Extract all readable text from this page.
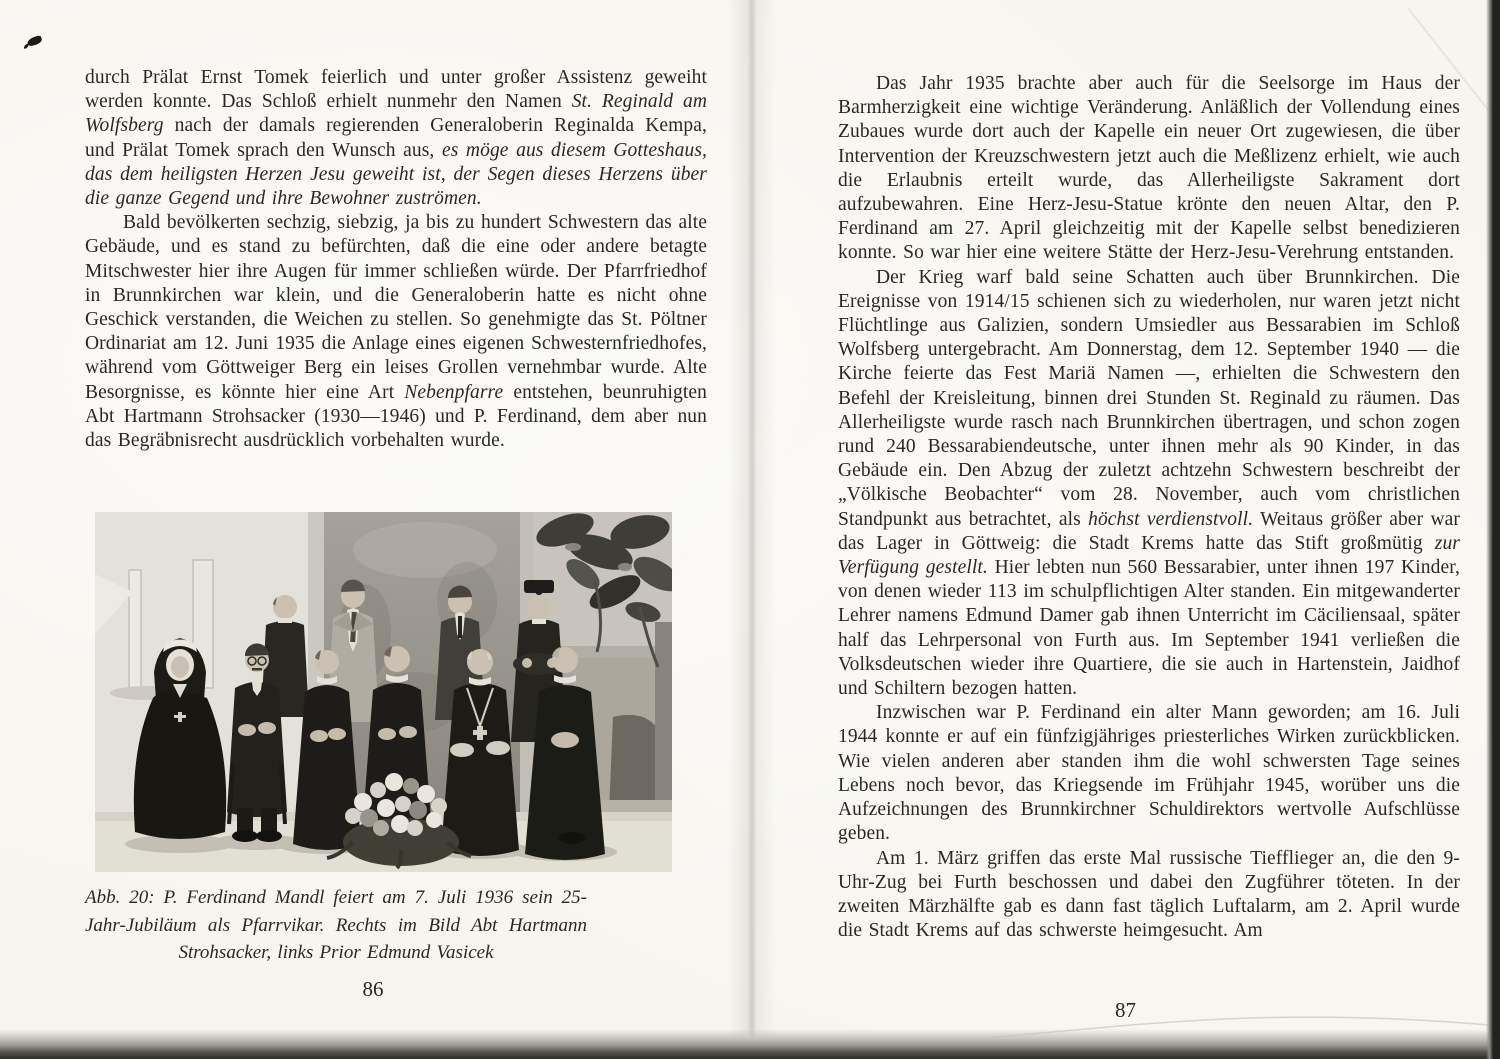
durch Prälat Ernst Tomek feierlich und unter großer Assistenz geweiht werden konnte. Das Schloß erhielt nunmehr den Namen St. Reginald am Wolfsberg nach der damals regierenden Generaloberin Reginalda Kempa, und Prälat Tomek sprach den Wunsch aus, es möge aus diesem Gotteshaus, das dem heiligsten Herzen Jesu geweiht ist, der Segen dieses Herzens über die ganze Gegend und ihre Bewohner zuströmen.

Bald bevölkerten sechzig, siebzig, ja bis zu hundert Schwestern das alte Gebäude, und es stand zu befürchten, daß die eine oder andere betagte Mitschwester hier ihre Augen für immer schließen würde. Der Pfarrfriedhof in Brunnkirchen war klein, und die Generaloberin hatte es nicht ohne Geschick verstanden, die Weichen zu stellen. So genehmigte das St. Pöltner Ordinariat am 12. Juni 1935 die Anlage eines eigenen Schwesternfriedhofes, während vom Göttweiger Berg ein leises Grollen vernehmbar wurde. Alte Besorgnisse, es könnte hier eine Art Nebenpfarre entstehen, beunruhigten Abt Hartmann Strohsacker (1930—1946) und P. Ferdinand, dem aber nun das Begräbnisrecht ausdrücklich vorbehalten wurde.

Abb. 20: P. Ferdinand Mandl feiert am 7. Juli 1936 sein 25-Jahr-Jubiläum als Pfarrvikar. Rechts im Bild Abt Hartmann Strohsacker, links Prior Edmund Vasicek
86

Das Jahr 1935 brachte aber auch für die Seelsorge im Haus der Barmherzigkeit eine wichtige Veränderung. Anläßlich der Vollendung eines Zubaues wurde dort auch der Kapelle ein neuer Ort zugewiesen, die über Intervention der Kreuzschwestern jetzt auch die Meßlizenz erhielt, wie auch die Erlaubnis erteilt wurde, das Allerheiligste Sakrament dort aufzubewahren. Eine Herz-Jesu-Statue krönte den neuen Altar, den P. Ferdinand am 27. April gleichzeitig mit der Kapelle selbst benedizieren konnte. So war hier eine weitere Stätte der Herz-Jesu-Verehrung entstanden.

Der Krieg warf bald seine Schatten auch über Brunnkirchen. Die Ereignisse von 1914/15 schienen sich zu wiederholen, nur waren jetzt nicht Flüchtlinge aus Galizien, sondern Umsiedler aus Bessarabien im Schloß Wolfsberg untergebracht. Am Donnerstag, dem 12. September 1940 — die Kirche feierte das Fest Mariä Namen —, erhielten die Schwestern den Befehl der Kreisleitung, binnen drei Stunden St. Reginald zu räumen. Das Allerheiligste wurde rasch nach Brunnkirchen übertragen, und schon zogen rund 240 Bessarabiendeutsche, unter ihnen mehr als 90 Kinder, in das Gebäude ein. Den Abzug der zuletzt achtzehn Schwestern beschreibt der „Völkische Beobachter“ vom 28. November, auch vom christlichen Standpunkt aus betrachtet, als höchst verdienstvoll. Weitaus größer aber war das Lager in Göttweig: die Stadt Krems hatte das Stift großmütig zur Verfügung gestellt. Hier lebten nun 560 Bessarabier, unter ihnen 197 Kinder, von denen wieder 113 im schulpflichtigen Alter standen. Ein mitgewanderter Lehrer namens Edmund Damer gab ihnen Unterricht im Cäciliensaal, später half das Lehrpersonal von Furth aus. Im September 1941 verließen die Volksdeutschen wieder ihre Quartiere, die sie auch in Hartenstein, Jaidhof und Schiltern bezogen hatten.

Inzwischen war P. Ferdinand ein alter Mann geworden; am 16. Juli 1944 konnte er auf ein fünfzigjähriges priesterliches Wirken zurückblicken. Wie vielen anderen aber standen ihm die wohl schwersten Tage seines Lebens noch bevor, das Kriegsende im Frühjahr 1945, worüber uns die Aufzeichnungen des Brunnkirchner Schuldirektors wertvolle Aufschlüsse geben.

Am 1. März griffen das erste Mal russische Tiefflieger an, die den 9-Uhr-Zug bei Furth beschossen und dabei den Zugführer töteten. In der zweiten Märzhälfte gab es dann fast täglich Luftalarm, am 2. April wurde die Stadt Krems auf das schwerste heimgesucht. Am

87
